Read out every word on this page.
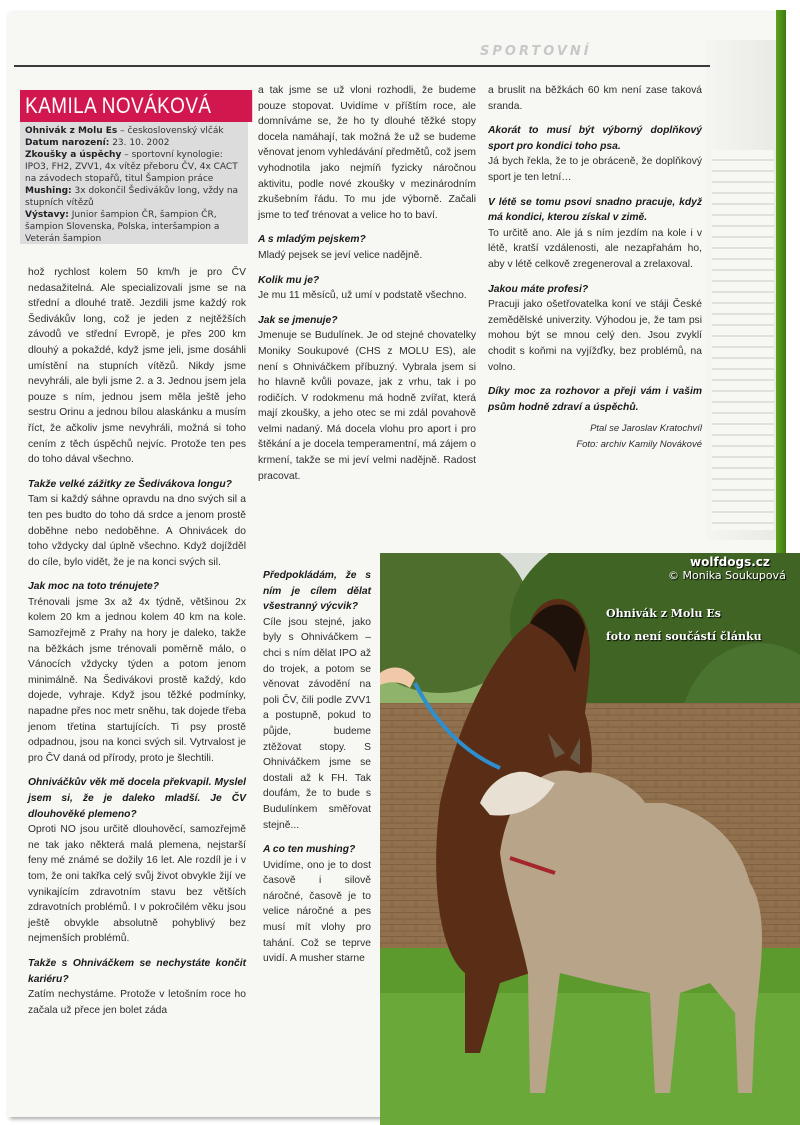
SPORTOVNÍ
KAMILA NOVÁKOVÁ
Ohnivák z Molu Es – československý vlčák
Datum narození: 23. 10. 2002
Zkoušky a úspěchy – sportovní kynologie: IPO3, FH2, ZVV1, 4x vítěz přeboru ČV, 4x CACT na závodech stopařů, titul Šampion práce
Mushing: 3x dokončil Šedivákův long, vždy na stupních vítězů
Výstavy: Junior šampion ČR, šampion ČR, šampion Slovenska, Polska, interšampion a Veterán šampion

hož rychlost kolem 50 km/h je pro ČV nedasažitelná. Ale specializovali jsme se na střední a dlouhé tratě. Jezdili jsme každý rok Šedivákův long, což je jeden z nejtěžších závodů ve střední Evropě, je přes 200 km dlouhý a pokaždé, když jsme jeli, jsme dosáhli umístění na stupních vítězů. Nikdy jsme nevyhráli, ale byli jsme 2. a 3. Jednou jsem jela pouze s ním, jednou jsem měla ještě jeho sestru Orinu a jednou bílou alaskánku a musím říct, že ačkoliv jsme nevyhráli, možná si toho cením z těch úspěchů nejvíc. Protože ten pes do toho dával všechno.

Takže velké zážitky ze Šedivákova longu?

Tam si každý sáhne opravdu na dno svých sil a ten pes budto do toho dá srdce a jenom prostě doběhne nebo nedoběhne. A Ohnivácek do toho vždycky dal úplně všechno. Když dojížděl do cíle, bylo vidět, že je na konci svých sil.

Jak moc na toto trénujete?

Trénovali jsme 3x až 4x týdně, většinou 2x kolem 20 km a jednou kolem 40 km na kole. Samozřejmě z Prahy na hory je daleko, takže na běžkách jsme trénovali poměrně málo, o Vánocích vždycky týden a potom jenom minimálně. Na Šedivákovi prostě každý, kdo dojede, vyhraje. Když jsou těžké podmínky, napadne přes noc metr sněhu, tak dojede třeba jenom třetina startujících. Ti psy prostě odpadnou, jsou na konci svých sil. Vytrvalost je pro ČV daná od přírody, proto je šlechtili.

Ohniváčkův věk mě docela překvapil. Myslel jsem si, že je daleko mladší. Je ČV dlouhověké plemeno?

Oproti NO jsou určitě dlouhověcí, samozřejmě ne tak jako některá malá plemena, nejstarší feny mé známé se dožily 16 let. Ale rozdíl je i v tom, že oni takřka celý svůj život obvykle žijí ve vynikajícím zdravotním stavu bez větších zdravotních problémů. I v pokročilém věku jsou ještě obvykle absolutně pohyblivý bez nejmenších problémů.

Takže s Ohniváčkem se nechystáte končit kariéru?

Zatím nechystáme. Protože v letošním roce ho začala už přece jen bolet záda

a tak jsme se už vloni rozhodli, že budeme pouze stopovat. Uvidíme v příštím roce, ale domníváme se, že ho ty dlouhé těžké stopy docela namáhají, tak možná že už se budeme věnovat jenom vyhledávání předmětů, což jsem vyhodnotila jako nejmíň fyzicky náročnou aktivitu, podle nové zkoušky v mezinárodním zkušebním řádu. To mu jde výborně. Začali jsme to teď trénovat a velice ho to baví.

A s mladým pejskem?

Mladý pejsek se jeví velice nadějně.

Kolik mu je?

Je mu 11 měsíců, už umí v podstatě všechno.

Jak se jmenuje?

Jmenuje se Budulínek. Je od stejné chovatelky Moniky Soukupové (CHS z MOLU ES), ale není s Ohniváčkem příbuzný. Vybrala jsem si ho hlavně kvůli povaze, jak z vrhu, tak i po rodičích. V rodokmenu má hodně zvířat, která mají zkoušky, a jeho otec se mi zdál povahově velmi nadaný. Má docela vlohu pro aport i pro štěkání a je docela temperamentní, má zájem o krmení, takže se mi jeví velmi nadějně. Radost pracovat.

Předpokládám, že s ním je cílem dělat všestranný výcvik?

Cíle jsou stejné, jako byly s Ohniváčkem – chci s ním dělat IPO až do trojek, a potom se věnovat závodění na poli ČV, čili podle ZVV1 a postupně, pokud to půjde, budeme ztěžovat stopy. S Ohniváčkem jsme se dostali až k FH. Tak doufám, že to bude s Budulínkem směřovat stejně...

A co ten mushing?

Uvidíme, ono je to dost časově i silově náročné, časově je to velice náročné a pes musí mít vlohy pro tahání. Což se teprve uvidí. A musher starne

a bruslit na běžkách 60 km není zase taková sranda.

Akorát to musí být výborný doplňkový sport pro kondici toho psa.

Já bych řekla, že to je obráceně, že doplňkový sport je ten letní…

V létě se tomu psovi snadno pracuje, když má kondici, kterou získal v zimě.

To určitě ano. Ale já s ním jezdím na kole i v létě, kratší vzdálenosti, ale nezapřahám ho, aby v létě celkově zregeneroval a zrelaxoval.

Jakou máte profesi?

Pracuji jako ošetřovatelka koní ve stáji České zemědělské univerzity. Výhodou je, že tam psi mohou být se mnou celý den. Jsou zvyklí chodit s koňmi na vyjížďky, bez problémů, na volno.

Díky moc za rozhovor a přeji vám i vašim psům hodně zdraví a úspěchů.

Ptal se Jaroslav Kratochvíl

Foto: archiv Kamily Novákové

wolfdogs.cz
© Monika Soukupová
Ohnivák z Molu Es
foto není součástí článku
